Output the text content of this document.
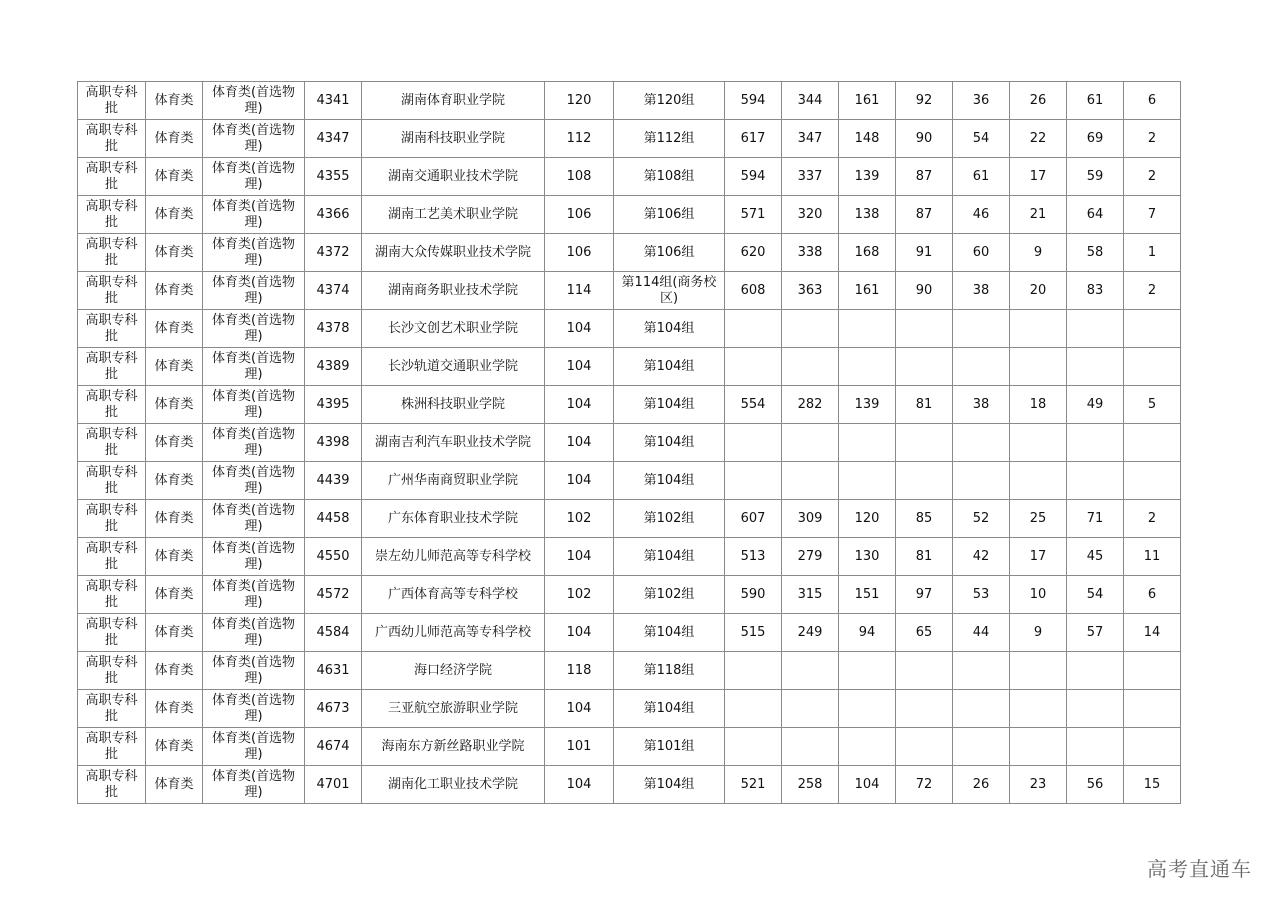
高职专科批	体育类	体育类(首选物理)	4341	湖南体育职业学院	120	第120组	594	344	161	92	36	26	61	6
高职专科批	体育类	体育类(首选物理)	4347	湖南科技职业学院	112	第112组	617	347	148	90	54	22	69	2
高职专科批	体育类	体育类(首选物理)	4355	湖南交通职业技术学院	108	第108组	594	337	139	87	61	17	59	2
高职专科批	体育类	体育类(首选物理)	4366	湖南工艺美术职业学院	106	第106组	571	320	138	87	46	21	64	7
高职专科批	体育类	体育类(首选物理)	4372	湖南大众传媒职业技术学院	106	第106组	620	338	168	91	60	9	58	1
高职专科批	体育类	体育类(首选物理)	4374	湖南商务职业技术学院	114	第114组(商务校区)	608	363	161	90	38	20	83	2
高职专科批	体育类	体育类(首选物理)	4378	长沙文创艺术职业学院	104	第104组								
高职专科批	体育类	体育类(首选物理)	4389	长沙轨道交通职业学院	104	第104组								
高职专科批	体育类	体育类(首选物理)	4395	株洲科技职业学院	104	第104组	554	282	139	81	38	18	49	5
高职专科批	体育类	体育类(首选物理)	4398	湖南吉利汽车职业技术学院	104	第104组								
高职专科批	体育类	体育类(首选物理)	4439	广州华南商贸职业学院	104	第104组								
高职专科批	体育类	体育类(首选物理)	4458	广东体育职业技术学院	102	第102组	607	309	120	85	52	25	71	2
高职专科批	体育类	体育类(首选物理)	4550	崇左幼儿师范高等专科学校	104	第104组	513	279	130	81	42	17	45	11
高职专科批	体育类	体育类(首选物理)	4572	广西体育高等专科学校	102	第102组	590	315	151	97	53	10	54	6
高职专科批	体育类	体育类(首选物理)	4584	广西幼儿师范高等专科学校	104	第104组	515	249	94	65	44	9	57	14
高职专科批	体育类	体育类(首选物理)	4631	海口经济学院	118	第118组								
高职专科批	体育类	体育类(首选物理)	4673	三亚航空旅游职业学院	104	第104组								
高职专科批	体育类	体育类(首选物理)	4674	海南东方新丝路职业学院	101	第101组								
高职专科批	体育类	体育类(首选物理)	4701	湖南化工职业技术学院	104	第104组	521	258	104	72	26	23	56	15
高考直通车
